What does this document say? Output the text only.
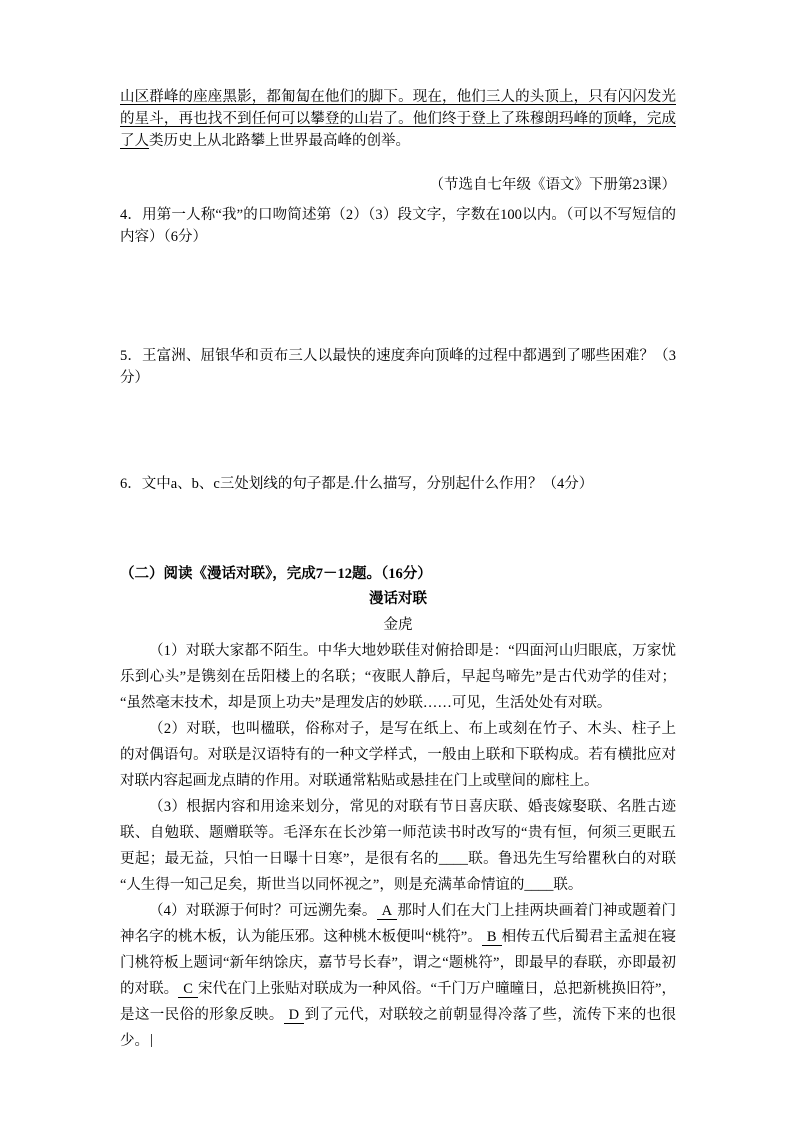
山区群峰的座座黑影，都匍匐在他们的脚下。现在，他们三人的头顶上，只有闪闪发光的星斗，再也找不到任何可以攀登的山岩了。他们终于登上了珠穆朗玛峰的顶峰，完成了人类历史上从北路攀上世界最高峰的创举。

（节选自七年级《语文》下册第23课）

4．用第一人称“我”的口吻简述第（2）（3）段文字，字数在100以内。（可以不写短信的内容）（6分）

5．王富洲、屈银华和贡布三人以最快的速度奔向顶峰的过程中都遇到了哪些困难？（3分）

6．文中a、b、c三处划线的句子都是.什么描写，分别起什么作用？（4分）

（二）阅读《漫话对联》，完成7－12题。（16分）

漫话对联

金虎

（1）对联大家都不陌生。中华大地妙联佳对俯拾即是：“四面河山归眼底，万家忧乐到心头”是镌刻在岳阳楼上的名联；“夜眠人静后，早起鸟啼先”是古代劝学的佳对；“虽然毫末技术，却是顶上功夫”是理发店的妙联……可见，生活处处有对联。

（2）对联，也叫楹联，俗称对子，是写在纸上、布上或刻在竹子、木头、柱子上的对偶语句。对联是汉语特有的一种文学样式，一般由上联和下联构成。若有横批应对对联内容起画龙点睛的作用。对联通常粘贴或悬挂在门上或壁间的廊柱上。

（3）根据内容和用途来划分，常见的对联有节日喜庆联、婚丧嫁娶联、名胜古迹联、自勉联、题赠联等。毛泽东在长沙第一师范读书时改写的“贵有恒，何须三更眠五更起；最无益，只怕一日曝十日寒”，是很有名的____联。鲁迅先生写给瞿秋白的对联“人生得一知己足矣，斯世当以同怀视之”，则是充满革命情谊的____联。

（4）对联源于何时？可远溯先秦。 A 那时人们在大门上挂两块画着门神或题着门神名字的桃木板，认为能压邪。这种桃木板便叫“桃符”。 B 相传五代后蜀君主孟昶在寝门桃符板上题词“新年纳馀庆，嘉节号长春”，谓之“题桃符”，即最早的春联，亦即最初的对联。 C 宋代在门上张贴对联成为一种风俗。“千门万户曈曈日，总把新桃换旧符”，是这一民俗的形象反映。 D 到了元代，对联较之前朝显得冷落了些，流传下来的也很少。
